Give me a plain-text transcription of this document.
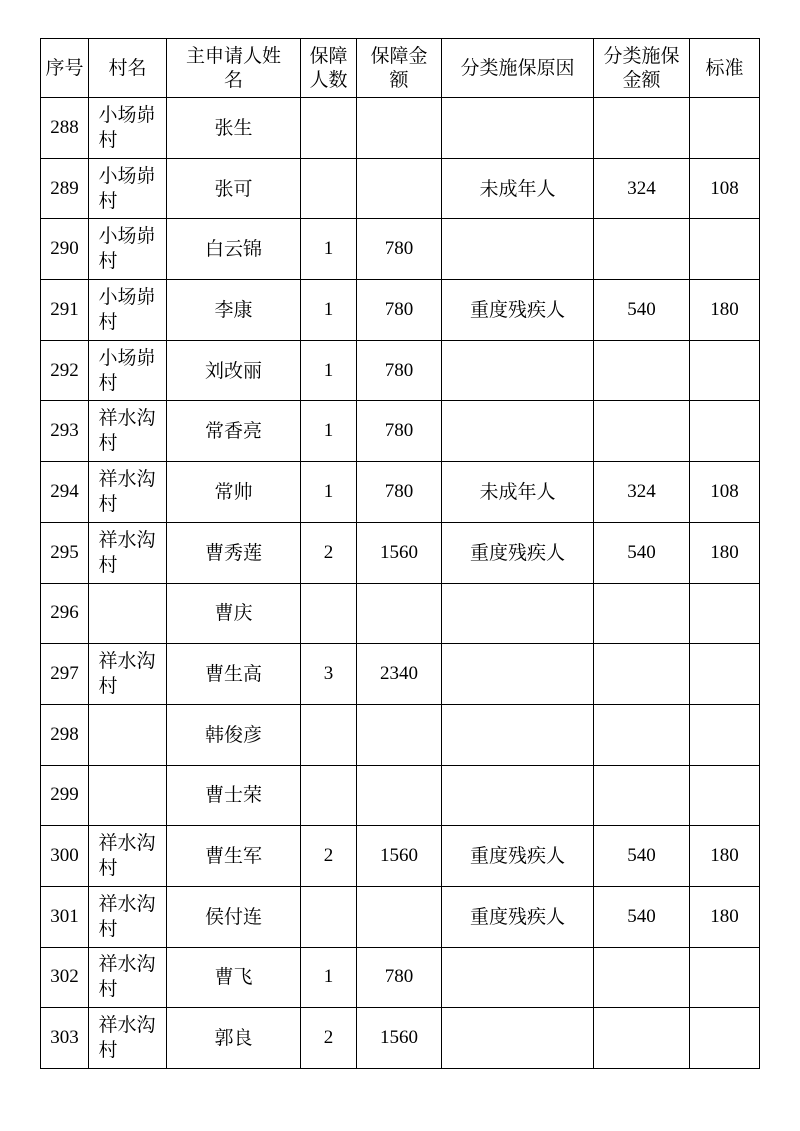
序号	村名	主申请人姓名	保障人数	保障金额	分类施保原因	分类施保金额	标准
288	小场峁村	张生					
289	小场峁村	张可			未成年人	324	108
290	小场峁村	白云锦	1	780			
291	小场峁村	李康	1	780	重度残疾人	540	180
292	小场峁村	刘改丽	1	780			
293	祥水沟村	常香亮	1	780			
294	祥水沟村	常帅	1	780	未成年人	324	108
295	祥水沟村	曹秀莲	2	1560	重度残疾人	540	180
296		曹庆					
297	祥水沟村	曹生高	3	2340			
298		韩俊彦					
299		曹士荣					
300	祥水沟村	曹生军	2	1560	重度残疾人	540	180
301	祥水沟村	侯付连			重度残疾人	540	180
302	祥水沟村	曹飞	1	780			
303	祥水沟村	郭良	2	1560			
